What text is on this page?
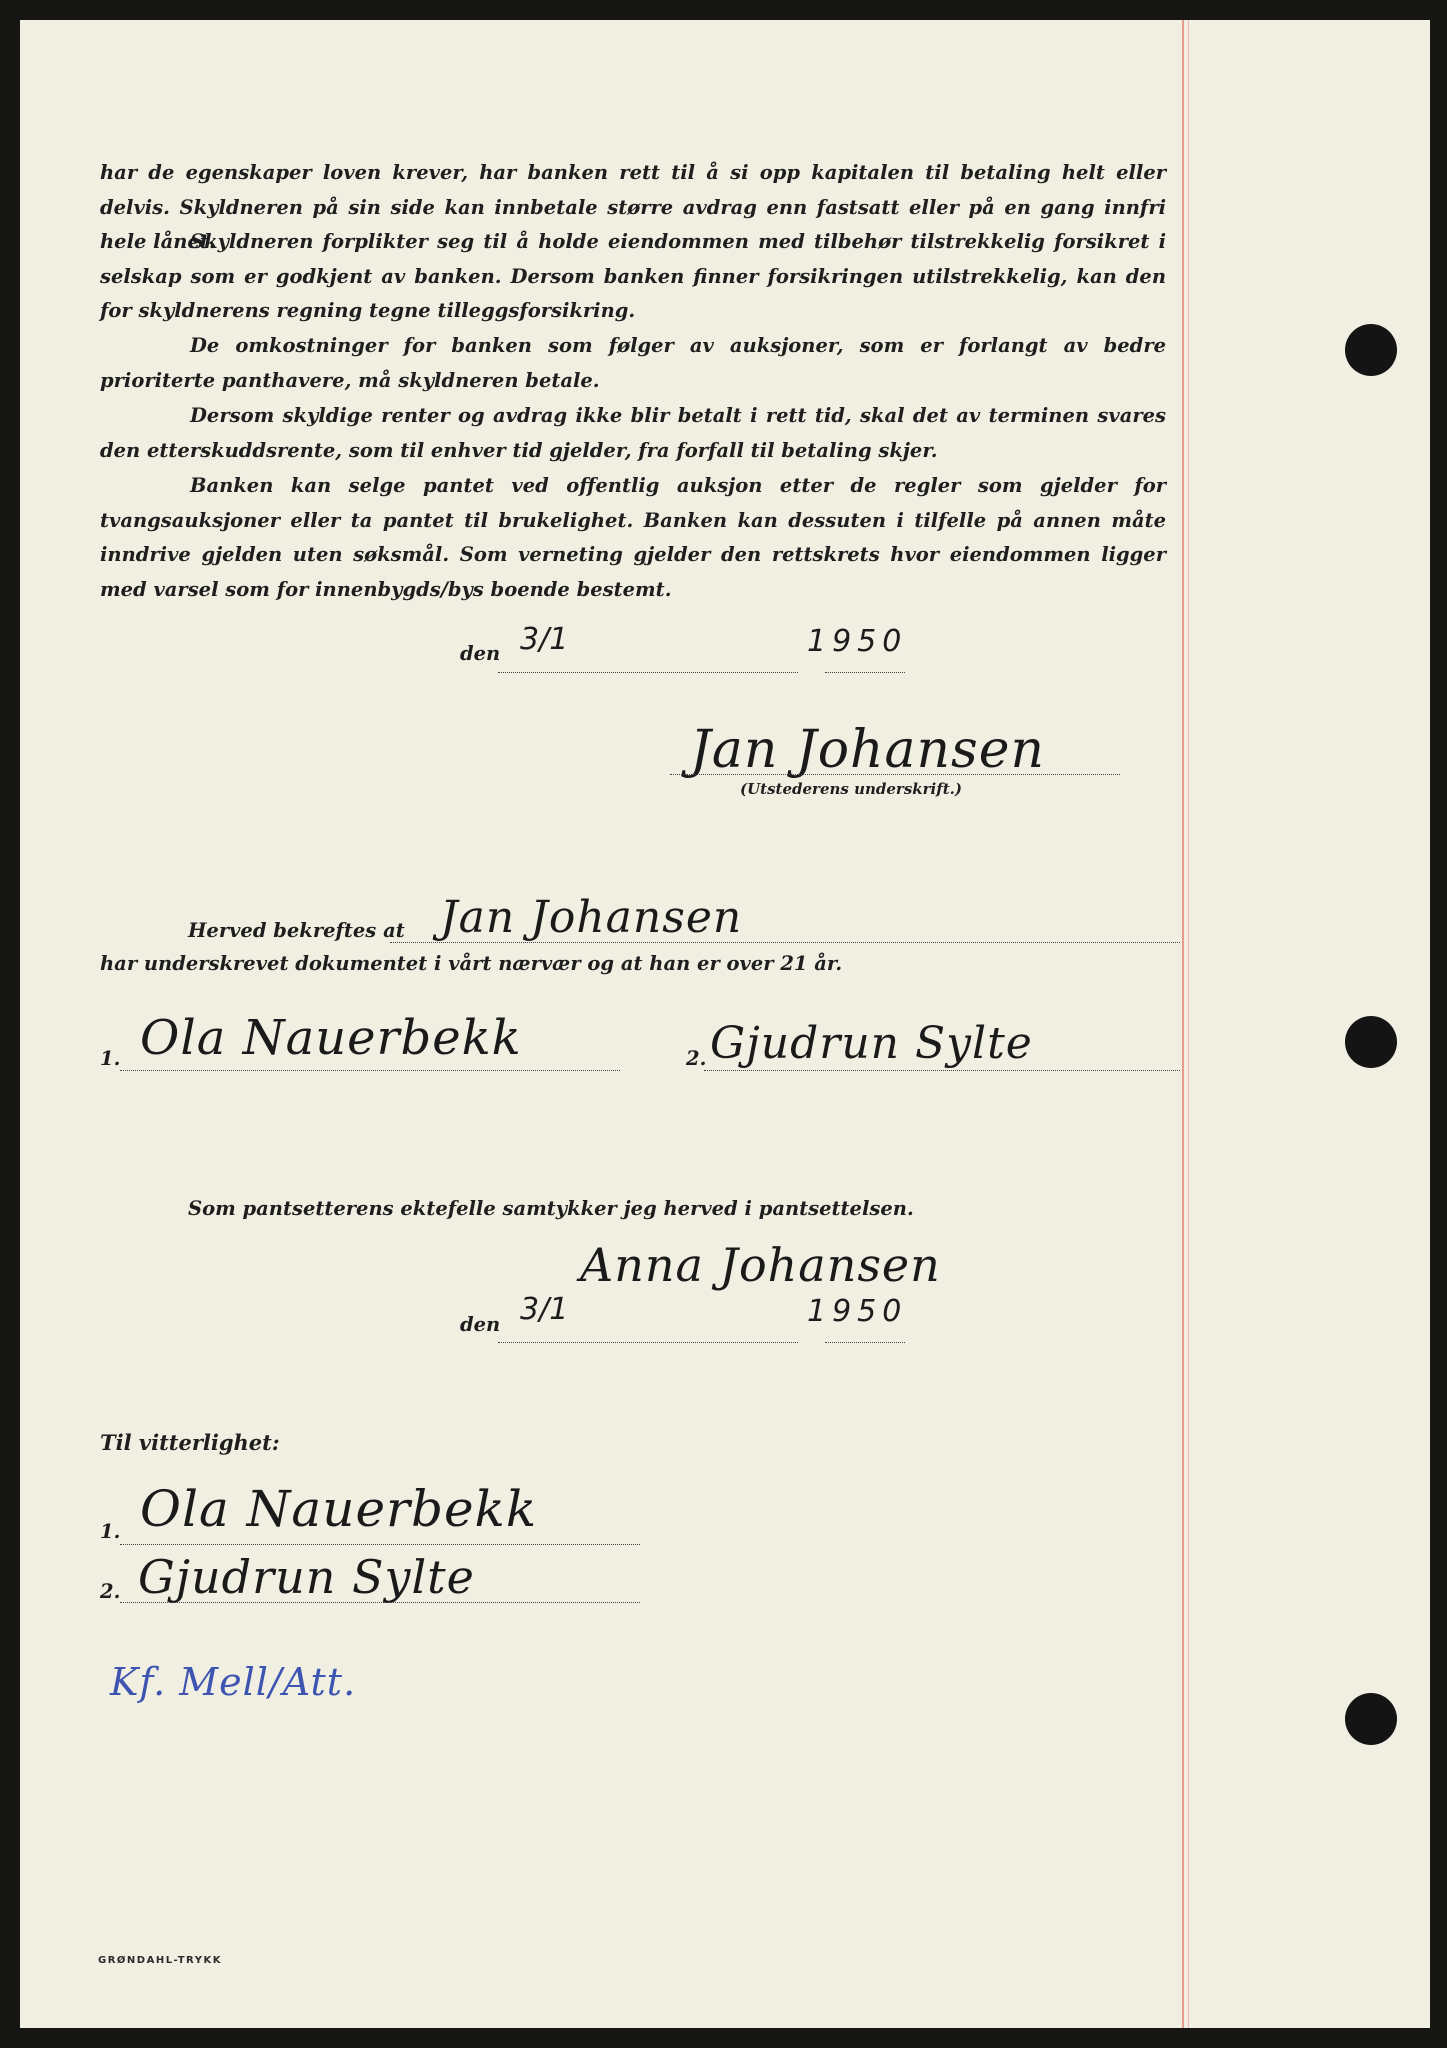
har de egenskaper loven krever, har banken rett til å si opp kapitalen til betaling helt eller delvis. Skyldneren på sin side kan innbetale større avdrag enn fastsatt eller på en gang innfri hele lånet.

Skyldneren forplikter seg til å holde eiendommen med tilbehør tilstrekkelig forsikret i selskap som er godkjent av banken. Dersom banken finner forsikringen utilstrekkelig, kan den for skyldnerens regning tegne tilleggsforsikring.

De omkostninger for banken som følger av auksjoner, som er forlangt av bedre prioriterte panthavere, må skyldneren betale.

Dersom skyldige renter og avdrag ikke blir betalt i rett tid, skal det av terminen svares den etterskuddsrente, som til enhver tid gjelder, fra forfall til betaling skjer.

Banken kan selge pantet ved offentlig auksjon etter de regler som gjelder for tvangsauksjoner eller ta pantet til brukelighet. Banken kan dessuten i tilfelle på annen måte inndrive gjelden uten søksmål. Som verneting gjelder den rettskrets hvor eiendommen ligger med varsel som for innenbygds/bys boende bestemt.

den 3/1	1950
Jan Johansen
(Utstederens underskrift.)
Herved bekreftes at Jan Johansen
har underskrevet dokumentet i vårt nærvær og at han er over 21 år.
1. Ola Nauerbekk	2. Gjudrun Sylte
Som pantsetterens ektefelle samtykker jeg herved i pantsettelsen.
Anna Johansen
den 3/1	1950
Til vitterlighet:
1. Ola Nauerbekk
2. Gjudrun Sylte
Kf. Mell/Att.
GRØNDAHL-TRYKK
